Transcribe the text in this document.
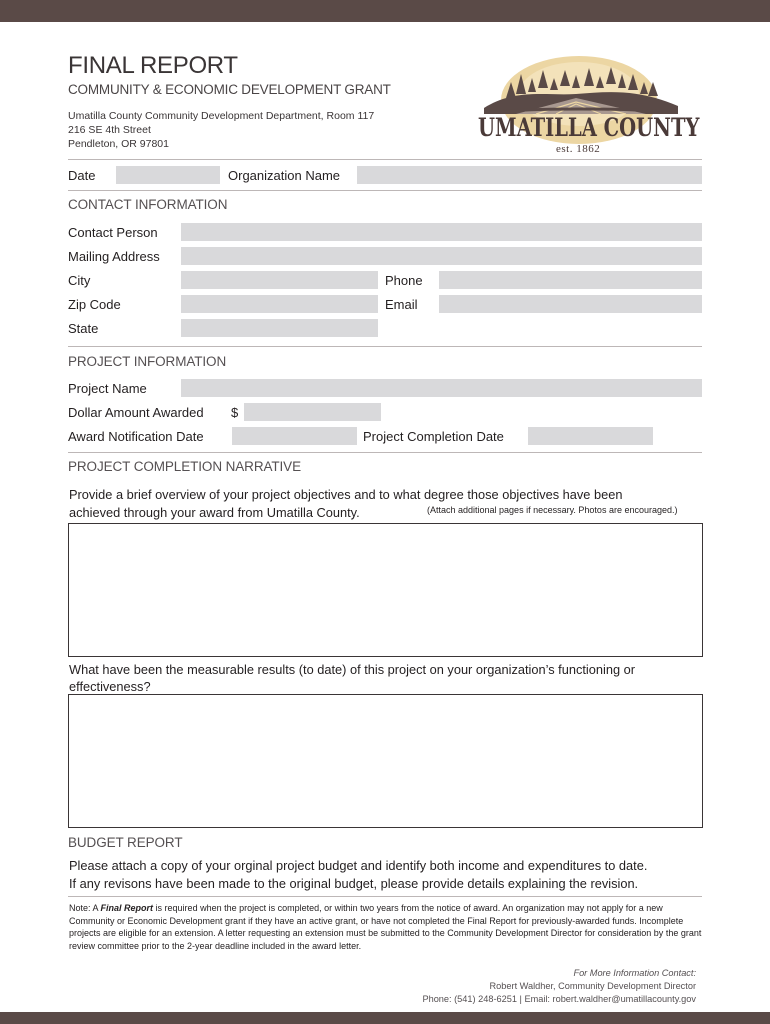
FINAL REPORT
COMMUNITY & ECONOMIC DEVELOPMENT GRANT
Umatilla County Community Development Department, Room 117
216 SE 4th Street
Pendleton, OR 97801
UMATILLA COUNTY
est. 1862
Date	Organization Name
CONTACT INFORMATION
Contact Person
Mailing Address
City	Phone
Zip Code	Email
State
PROJECT INFORMATION
Project Name
Dollar Amount Awarded $
Award Notification Date	Project Completion Date
PROJECT COMPLETION NARRATIVE
Provide a brief overview of your project objectives and to what degree those objectives have been
achieved through your award from Umatilla County.	(Attach additional pages if necessary. Photos are encouraged.)
What have been the measurable results (to date) of this project on your organization’s functioning or
effectiveness?
BUDGET REPORT
Please attach a copy of your orginal project budget and identify both income and expenditures to date.
If any revisons have been made to the original budget, please provide details explaining the revision.
Note: A Final Report is required when the project is completed, or within two years from the notice of award. An organization may not apply for a new Community or Economic Development grant if they have an active grant, or have not completed the Final Report for previously-awarded funds. Incomplete projects are eligible for an extension. A letter requesting an extension must be submitted to the Community Development Director for consideration by the grant review committee prior to the 2-year deadline included in the award letter.
For More Information Contact:
Robert Waldher, Community Development Director
Phone: (541) 248-6251 | Email: robert.waldher@umatillacounty.gov
